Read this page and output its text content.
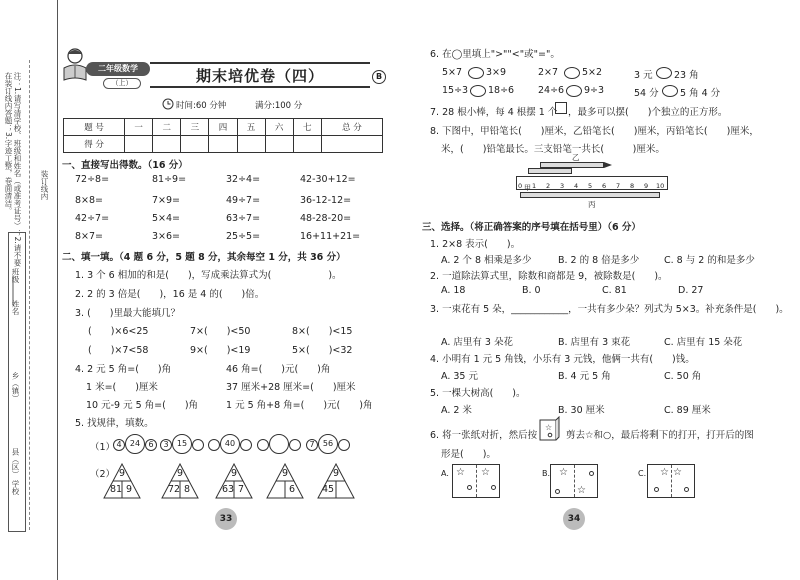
注：1.请写清学校、班级和姓名（或准考证号）；2.请不要在装订线内答题；3.字迹工整，卷面清洁。
班级
姓名
乡（镇）
县（区）
学校
装订线内
二年级数学
（上）	期末培优卷（四）	B
时间:60 分钟	满分:100 分
题 号	一	二	三	四	五	六	七	总 分
得 分								
一、直接写出得数。（16 分）
72÷8=	81÷9=	32÷4=	42-30+12=
8×8=	7×9=	49÷7=	36-12-12=
42÷7=	5×4=	63÷7=	48-28-20=
8×7=	3×6=	25÷5=	16+11+21=
二、填一填。（4 题 6 分，5 题 8 分，其余每空 1 分，共 36 分）
1. 3 个 6 相加的和是(　　)，写成乘法算式为(　　　　　　)。
2. 2 的 3 倍是(　　)，16 是 4 的(　　)倍。
3. (　　)里最大能填几？
(　　)×6<25	7×(　　)<50	8×(　　)<15
(　　)×7<58	9×(　　)<19	5×(　　)<32
4. 2 元 5 角=(　　)角	46 角=(　　)元(　　)角
1 米=(　　)厘米	37 厘米+28 厘米=(　　)厘米
10 元-9 元 5 角=(　　)角	1 元 5 角+8 角=(　　)元(　　)角
5. 找规律，填数。
（1） 4	24	6	3	15	40	7	56
（2） 9
81 9
9
72 8
9
63 7
9
6
9
45
33
6. 在◯里填上">""<"或"="。
5×7	3×9	2×7	5×2	3 元 23 角
15÷3 18÷6	24÷6 9÷3	54 分 5 角 4 分
7. 28 根小棒，每 4 根摆 1 个 ，最多可以摆(　　)个独立的正方形。
8. 下图中，甲铅笔长(　　)厘米，乙铅笔长(　　)厘米，丙铅笔长(　　)厘米，
米，(　　)铅笔最长。三支铅笔一共长(　　　)厘米。
乙
甲
0 1 2 3 4 5 6 7 8 9 10
丙
三、选择。（将正确答案的序号填在括号里）（6 分）
1. 2×8 表示(　　)。
A. 2 个 8 相乘是多少	B. 2 的 8 倍是多少	C. 8 与 2 的和是多少
2. 一道除法算式里，除数和商都是 9，被除数是(　　)。
A. 18	B. 0	C. 81	D. 27
3. 一束花有 5 朵，____________，一共有多少朵？列式为 5×3。补充条件是(　　)。
A. 店里有 3 朵花	B. 店里有 3 束花	C. 店里有 15 朵花
4. 小明有 1 元 5 角钱，小乐有 3 元钱，他俩一共有(　　)钱。
A. 35 元	B. 4 元 5 角	C. 50 角
5. 一棵大树高(　　)。
A. 2 米	B. 30 厘米	C. 89 厘米
6. 将一张纸对折，然后按
☆
剪去☆和○，最后将剩下的打开，打开后的图
形是(　　)。
A. ☆ ☆	B. ☆
☆
C. ☆ ☆
34
